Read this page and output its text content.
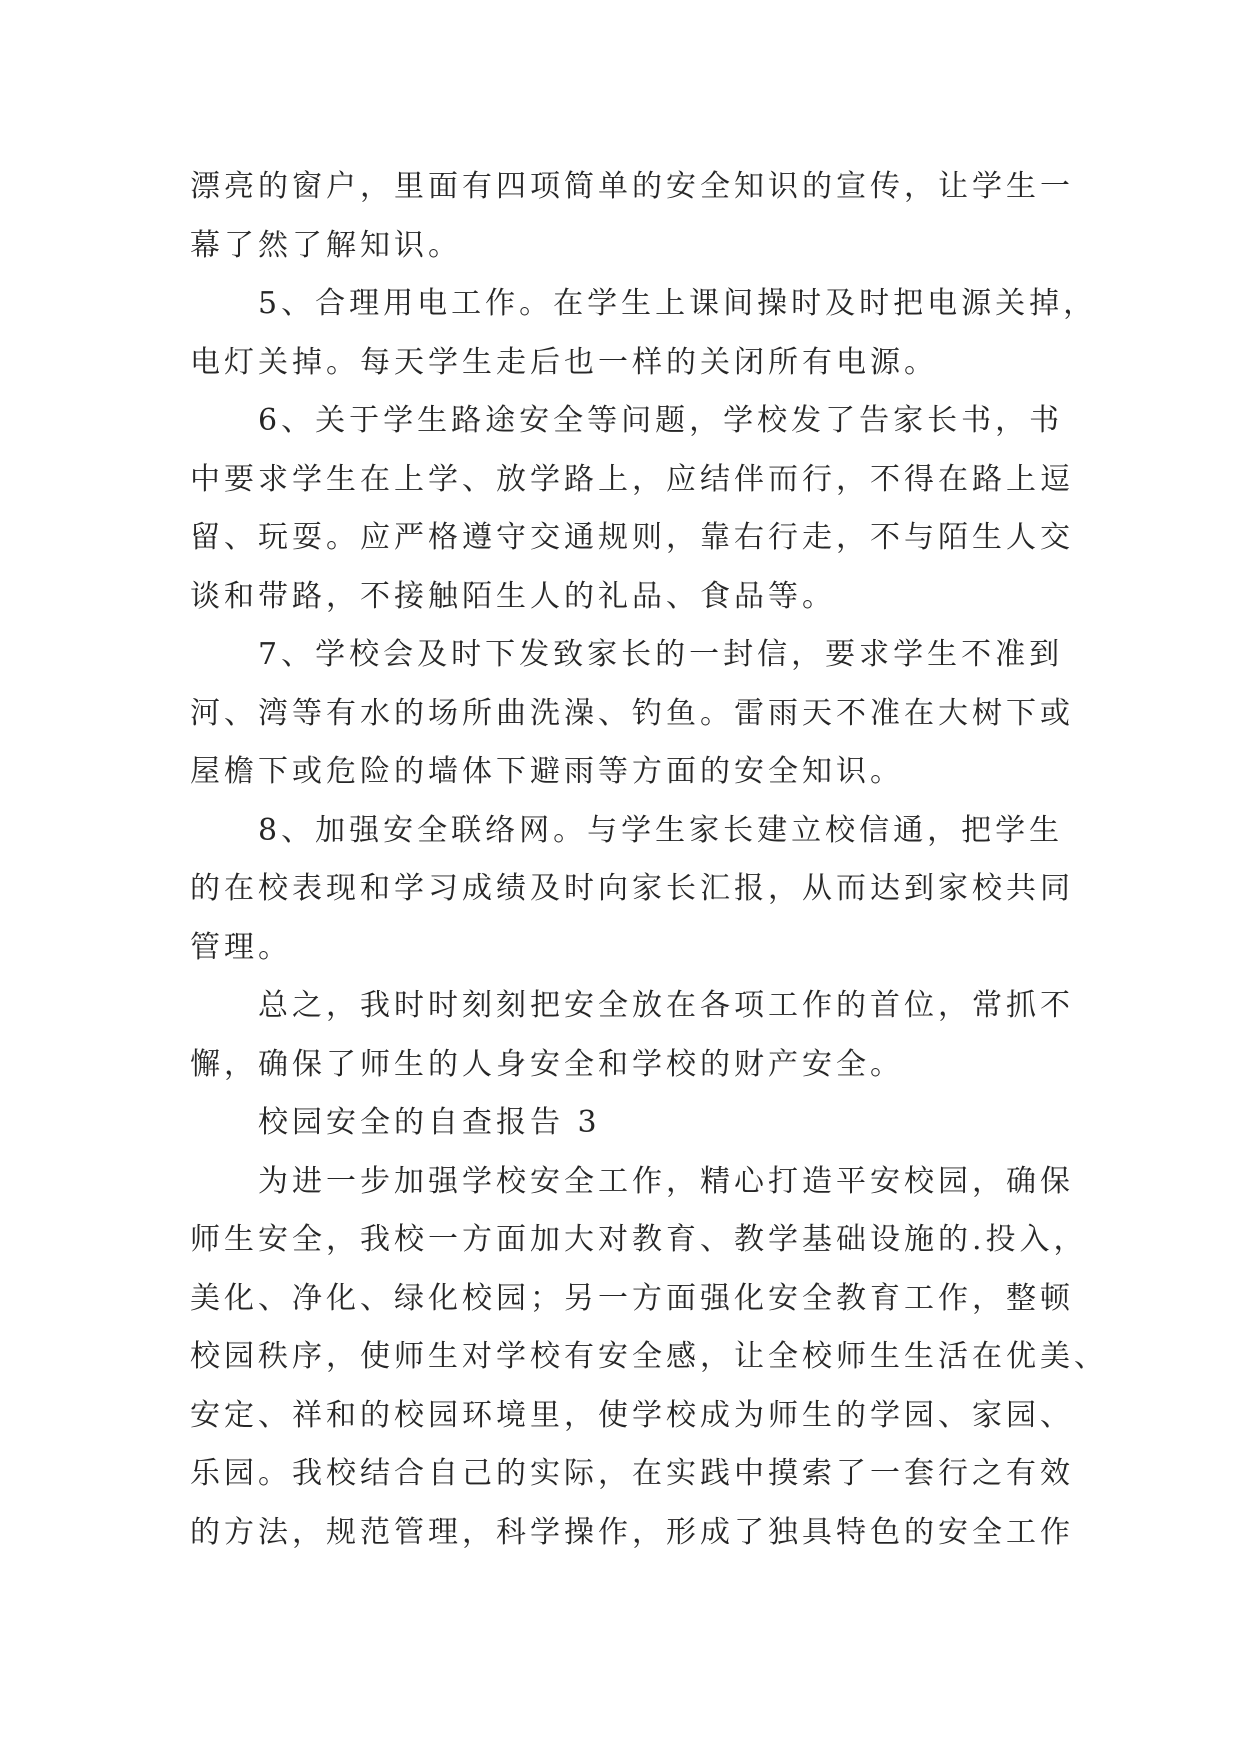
漂亮的窗户，里面有四项简单的安全知识的宣传，让学生一
幕了然了解知识。
5、合理用电工作。在学生上课间操时及时把电源关掉，
电灯关掉。每天学生走后也一样的关闭所有电源。
6、关于学生路途安全等问题，学校发了告家长书，书
中要求学生在上学、放学路上，应结伴而行，不得在路上逗
留、玩耍。应严格遵守交通规则，靠右行走，不与陌生人交
谈和带路，不接触陌生人的礼品、食品等。
7、学校会及时下发致家长的一封信，要求学生不准到
河、湾等有水的场所曲洗澡、钓鱼。雷雨天不准在大树下或
屋檐下或危险的墙体下避雨等方面的安全知识。
8、加强安全联络网。与学生家长建立校信通，把学生
的在校表现和学习成绩及时向家长汇报，从而达到家校共同
管理。
总之，我时时刻刻把安全放在各项工作的首位，常抓不
懈，确保了师生的人身安全和学校的财产安全。
校园安全的自查报告 3
为进一步加强学校安全工作，精心打造平安校园，确保
师生安全，我校一方面加大对教育、教学基础设施的.投入，
美化、净化、绿化校园；另一方面强化安全教育工作，整顿
校园秩序，使师生对学校有安全感，让全校师生生活在优美、
安定、祥和的校园环境里，使学校成为师生的学园、家园、
乐园。我校结合自己的实际，在实践中摸索了一套行之有效
的方法，规范管理，科学操作，形成了独具特色的安全工作
